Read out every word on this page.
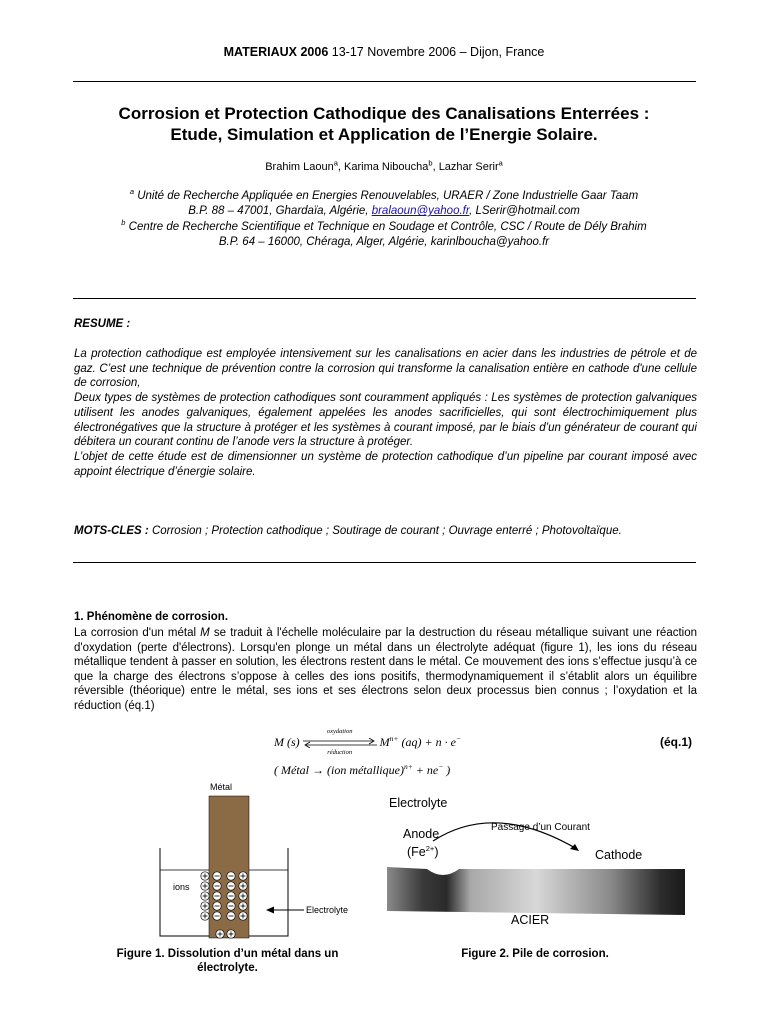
MATERIAUX 2006 13-17 Novembre 2006 – Dijon, France
Corrosion et Protection Cathodique des Canalisations Enterrées :
Etude, Simulation et Application de l’Energie Solaire.
Brahim Laoun$^a$, Karima Niboucha$^b$, Lazhar Serir$^a$
$^a$ Unité de Recherche Appliquée en Energies Renouvelables, URAER / Zone Industrielle Gaar Taam
B.P. 88 – 47001, Ghardaïa, Algérie, bralaoun@yahoo.fr, LSerir@hotmail.com
$^b$ Centre de Recherche Scientifique et Technique en Soudage et Contrôle, CSC / Route de Dély Brahim
B.P. 64 – 16000, Chéraga, Alger, Algérie, karinlboucha@yahoo.fr
RESUME :

La protection cathodique est employée intensivement sur les canalisations en acier dans les industries de pétrole et de gaz. C’est une technique de prévention contre la corrosion qui transforme la canalisation entière en cathode d'une cellule de corrosion,

Deux types de systèmes de protection cathodiques sont couramment appliqués : Les systèmes de protection galvaniques utilisent les anodes galvaniques, également appelées les anodes sacrificielles, qui sont électrochimiquement plus électronégatives que la structure à protéger et les systèmes à courant imposé, par le biais d’un générateur de courant qui débitera un courant continu de l’anode vers la structure à protéger.

L’objet de cette étude est de dimensionner un système de protection cathodique d’un pipeline par courant imposé avec appoint électrique d’énergie solaire.

MOTS-CLES : Corrosion ; Protection cathodique ; Soutirage de courant ; Ouvrage enterré ; Photovoltaïque.
1. Phénomène de corrosion.
La corrosion d'un métal M se traduit à l'échelle moléculaire par la destruction du réseau métallique suivant une réaction d'oxydation (perte d'électrons). Lorsqu'en plonge un métal dans un électrolyte adéquat (figure 1), les ions du réseau métallique tendent à passer en solution, les électrons restent dans le métal. Ce mouvement des ions s’effectue jusqu’à ce que la charge des électrons s’oppose à celles des ions positifs, thermodynamiquement il s’établit alors un équilibre réversible (théorique) entre le métal, ses ions et ses électrons selon deux processus bien connus ; l’oxydation et la réduction (éq.1)
M (s)
oxydation
réduction
$M^{n+}$ (aq) + n · e−	(éq.1)
( Métal → (ion métallique)$^{n+}$ + ne− )
Métal
ions
Electrolyte
Figure 1. Dissolution d’un métal dans un
électrolyte.
Electrolyte
Anode
$(Fe^{2+})$
Passage d’un Courant
Cathode
ACIER
Figure 2. Pile de corrosion.
